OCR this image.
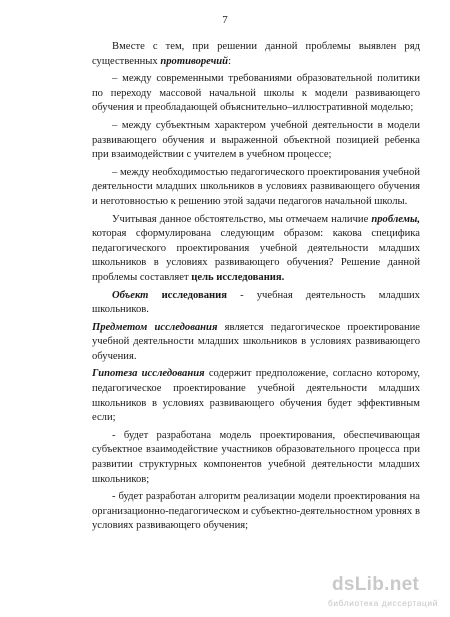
7

Вместе с тем, при решении данной проблемы выявлен ряд существенных противоречий:

– между современными требованиями образовательной политики по переходу массовой начальной школы к модели развивающего обучения и преобладающей объяснительно–иллюстративной моделью;

– между субъектным характером учебной деятельности в модели развивающего обучения и выраженной объектной позицией ребенка при взаимодействии с учителем в учебном процессе;

– между необходимостью педагогического проектирования учебной деятельности младших школьников в условиях развивающего обучения и неготовностью к решению этой задачи педагогов начальной школы.

Учитывая данное обстоятельство, мы отмечаем наличие проблемы, которая сформулирована следующим образом: какова специфика педагогического проектирования учебной деятельности младших школьников в условиях развивающего обучения? Решение данной проблемы составляет цель исследования.

Объект исследования - учебная деятельность младших школьников.

Предметом исследования является педагогическое проектирование учебной деятельности младших школьников в условиях развивающего обучения.

Гипотеза исследования содержит предположение, согласно которому, педагогическое проектирование учебной деятельности младших школьников в условиях развивающего обучения будет эффективным если;

- будет разработана модель проектирования, обеспечивающая субъектное взаимодействие участников образовательного процесса при развитии структурных компонентов учебной деятельности младших школьников;

- будет разработан алгоритм реализации модели проектирования на организационно-педагогическом и субъектно-деятельностном уровнях в условиях развивающего обучения;

dsLib.net
библиотека диссертаций
